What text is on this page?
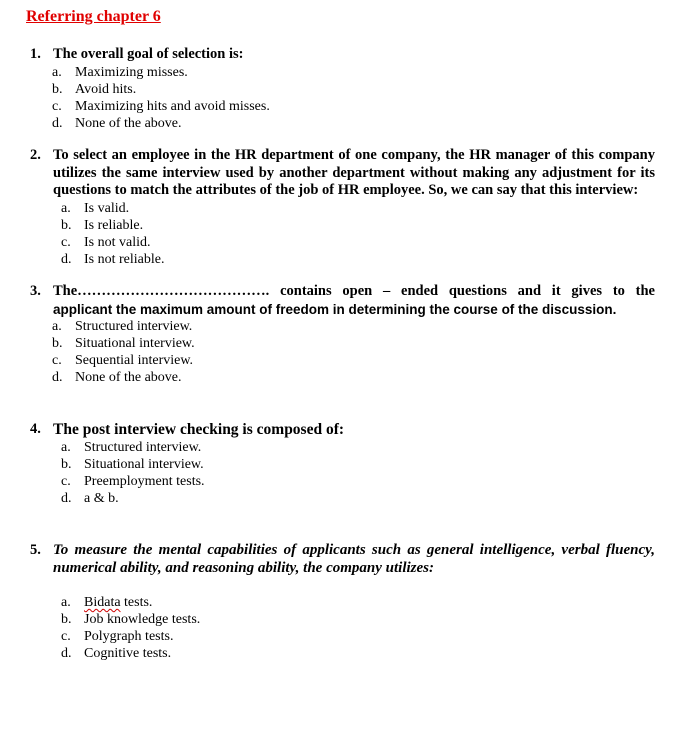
Referring chapter 6
1. The overall goal of selection is:
a. Maximizing misses.
b. Avoid hits.
c. Maximizing hits and avoid misses.
d. None of the above.
2. To select an employee in the HR department of one company, the HR manager of this company utilizes the same interview used by another department without making any adjustment for its questions to match the attributes of the job of HR employee. So, we can say that this interview:
a. Is valid.
b. Is reliable.
c. Is not valid.
d. Is not reliable.
3. The…………………………………. contains open – ended questions and it gives to the
applicant the maximum amount of freedom in determining the course of the discussion.
a. Structured interview.
b. Situational interview.
c. Sequential interview.
d. None of the above.
4. The post interview checking is composed of:
a. Structured interview.
b. Situational interview.
c. Preemployment tests.
d. a & b.
5. To measure the mental capabilities of applicants such as general intelligence, verbal fluency, numerical ability, and reasoning ability, the company utilizes:
a. Bidata tests.
b. Job knowledge tests.
c. Polygraph tests.
d. Cognitive tests.
